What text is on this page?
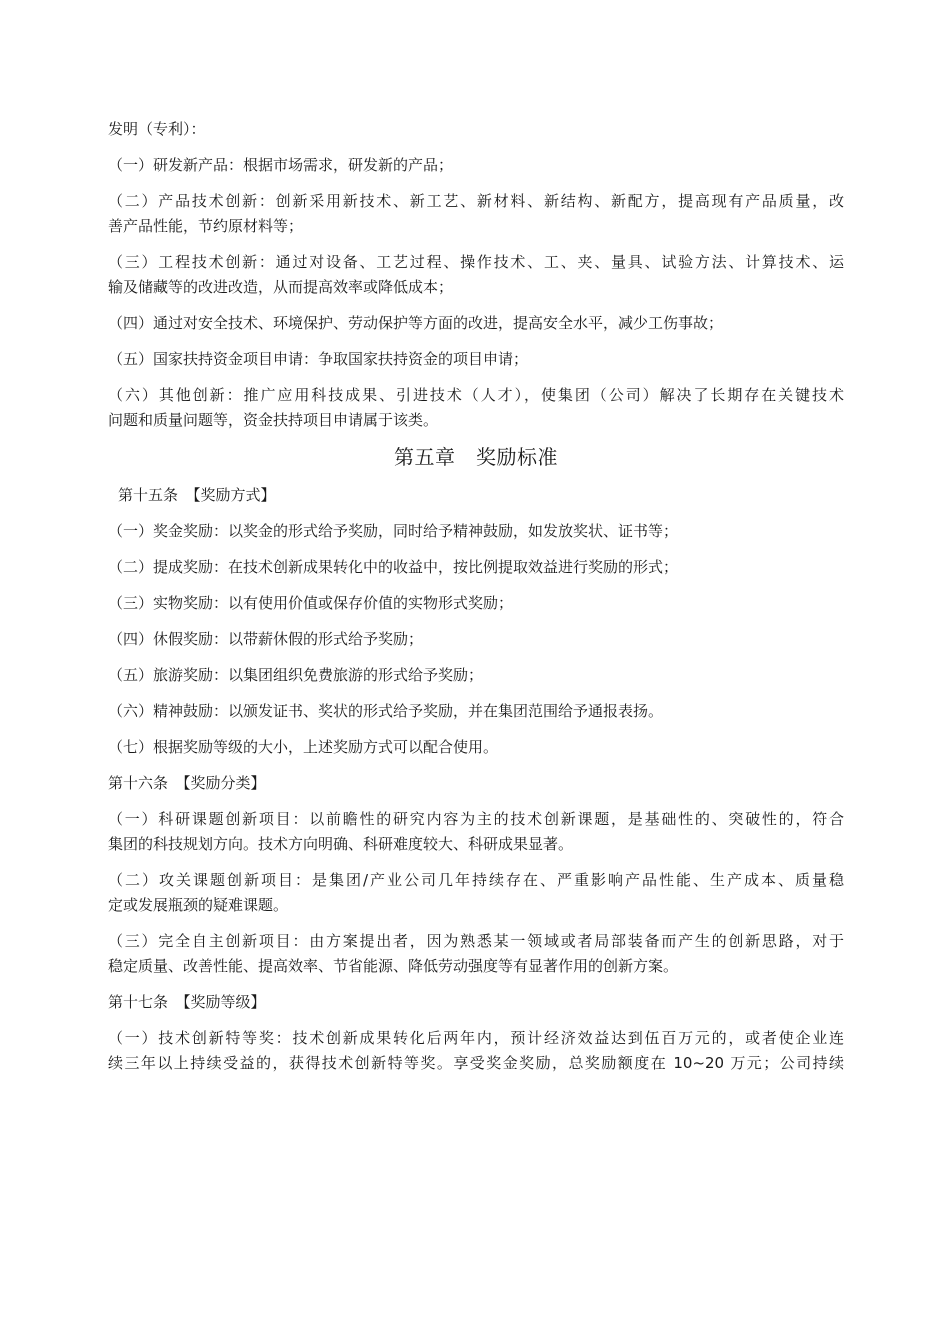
发明（专利）：
（一）研发新产品：根据市场需求，研发新的产品；
（二）产品技术创新：创新采用新技术、新工艺、新材料、新结构、新配方，提高现有产品质量，改
善产品性能，节约原材料等；
（三）工程技术创新：通过对设备、工艺过程、操作技术、工、夹、量具、试验方法、计算技术、运
输及储藏等的改进改造，从而提高效率或降低成本；
（四）通过对安全技术、环境保护、劳动保护等方面的改进，提高安全水平，减少工伤事故；
（五）国家扶持资金项目申请：争取国家扶持资金的项目申请；
（六）其他创新：推广应用科技成果、引进技术（人才），使集团（公司）解决了长期存在关键技术
问题和质量问题等，资金扶持项目申请属于该类。
第五章　奖励标准
第十五条　【奖励方式】
（一）奖金奖励：以奖金的形式给予奖励，同时给予精神鼓励，如发放奖状、证书等；
（二）提成奖励：在技术创新成果转化中的收益中，按比例提取效益进行奖励的形式；
（三）实物奖励：以有使用价值或保存价值的实物形式奖励；
（四）休假奖励：以带薪休假的形式给予奖励；
（五）旅游奖励：以集团组织免费旅游的形式给予奖励；
（六）精神鼓励：以颁发证书、奖状的形式给予奖励，并在集团范围给予通报表扬。
（七）根据奖励等级的大小，上述奖励方式可以配合使用。
第十六条　【奖励分类】
（一）科研课题创新项目：以前瞻性的研究内容为主的技术创新课题，是基础性的、突破性的，符合
集团的科技规划方向。技术方向明确、科研难度较大、科研成果显著。
（二）攻关课题创新项目：是集团/产业公司几年持续存在、严重影响产品性能、生产成本、质量稳
定或发展瓶颈的疑难课题。
（三）完全自主创新项目：由方案提出者，因为熟悉某一领域或者局部装备而产生的创新思路，对于
稳定质量、改善性能、提高效率、节省能源、降低劳动强度等有显著作用的创新方案。
第十七条　【奖励等级】
（一）技术创新特等奖：技术创新成果转化后两年内，预计经济效益达到伍百万元的，或者使企业连
续三年以上持续受益的，获得技术创新特等奖。享受奖金奖励，总奖励额度在 10~20 万元；公司持续
